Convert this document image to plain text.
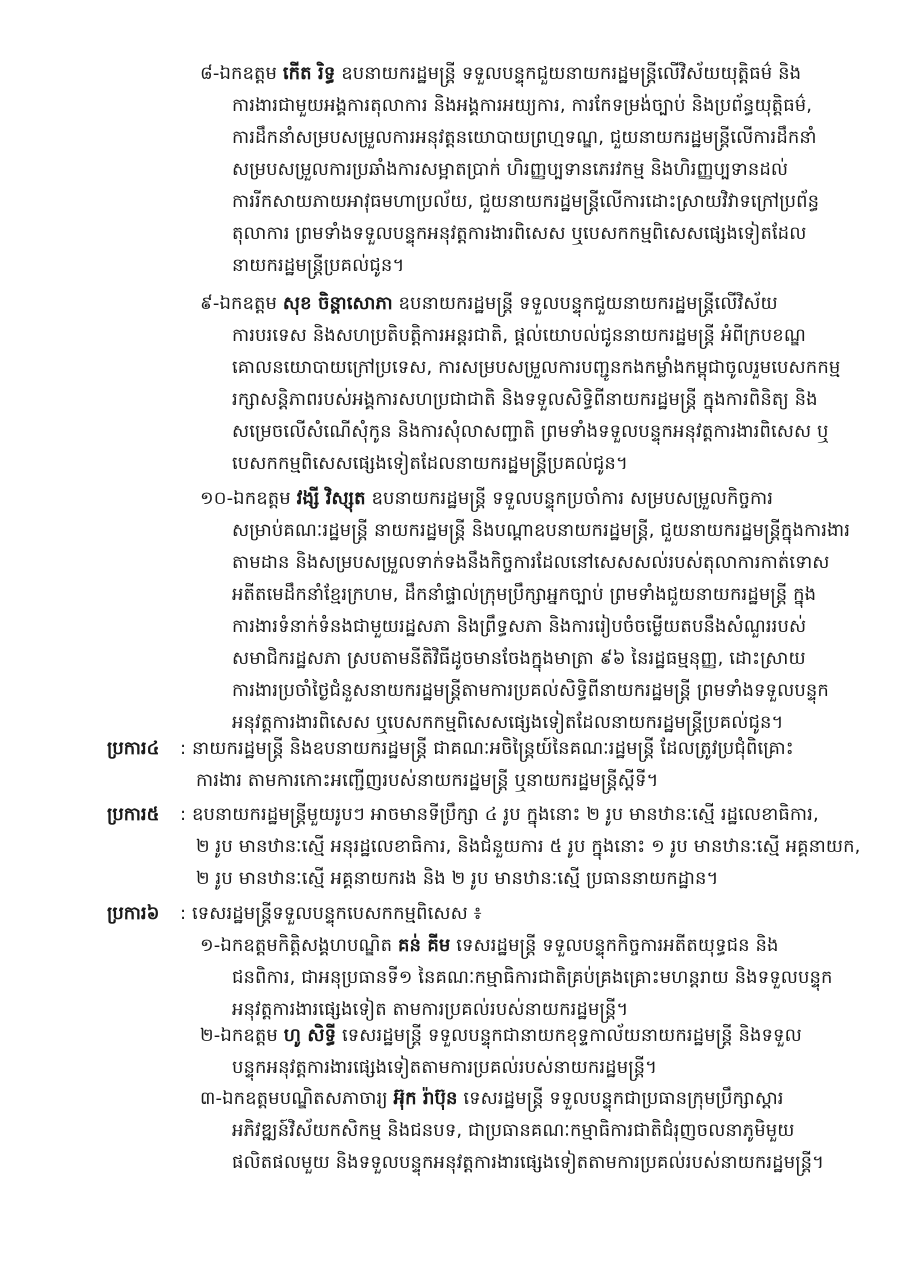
៨-ឯកឧត្តម កើត រិទ្ធ ឧបនាយករដ្ឋមន្ត្រី ទទួលបន្ទុកជួយនាយករដ្ឋមន្ត្រីលើវិស័យយុត្តិធម៌ និង
ការងារជាមួយអង្គការតុលាការ និងអង្គការអយ្យការ, ការកែទម្រង់ច្បាប់ និងប្រព័ន្ធយុត្តិធម៌,
ការដឹកនាំសម្របសម្រួលការអនុវត្តនយោបាយព្រហ្មទណ្ឌ, ជួយនាយករដ្ឋមន្ត្រីលើការដឹកនាំ
សម្របសម្រួលការប្រឆាំងការសម្អាតប្រាក់ ហិរញ្ញប្បទានភេរវកម្ម និងហិរញ្ញប្បទានដល់
ការរីកសាយភាយអាវុធមហាប្រល័យ, ជួយនាយករដ្ឋមន្ត្រីលើការដោះស្រាយវិវាទក្រៅប្រព័ន្ធ
តុលាការ ព្រមទាំងទទួលបន្ទុកអនុវត្តការងារពិសេស ឬបេសកកម្មពិសេសផ្សេងទៀតដែល
នាយករដ្ឋមន្ត្រីប្រគល់ជូន។
៩-ឯកឧត្តម សុខ ចិន្តាសោភា ឧបនាយករដ្ឋមន្ត្រី ទទួលបន្ទុកជួយនាយករដ្ឋមន្ត្រីលើវិស័យ
ការបរទេស និងសហប្រតិបត្តិការអន្តរជាតិ, ផ្តល់យោបល់ជូននាយករដ្ឋមន្ត្រី អំពីក្របខណ្ឌ
គោលនយោបាយក្រៅប្រទេស, ការសម្របសម្រួលការបញ្ជូនកងកម្លាំងកម្ពុជាចូលរួមបេសកកម្ម
រក្សាសន្តិភាពរបស់អង្គការសហប្រជាជាតិ និងទទួលសិទ្ធិពីនាយករដ្ឋមន្ត្រី ក្នុងការពិនិត្យ និង
សម្រេចលើសំណើសុំកូន និងការសុំលាសញ្ជាតិ ព្រមទាំងទទួលបន្ទុកអនុវត្តការងារពិសេស ឬ
បេសកកម្មពិសេសផ្សេងទៀតដែលនាយករដ្ឋមន្ត្រីប្រគល់ជូន។
១០-ឯកឧត្តម វង្សី វិស្សុត ឧបនាយករដ្ឋមន្ត្រី ទទួលបន្ទុកប្រចាំការ សម្របសម្រួលកិច្ចការ
សម្រាប់គណៈរដ្ឋមន្ត្រី នាយករដ្ឋមន្ត្រី និងបណ្តាឧបនាយករដ្ឋមន្ត្រី, ជួយនាយករដ្ឋមន្ត្រីក្នុងការងារ
តាមដាន និងសម្របសម្រួលទាក់ទងនឹងកិច្ចការដែលនៅសេសសល់របស់តុលាការកាត់ទោស
អតីតមេដឹកនាំខ្មែរក្រហម, ដឹកនាំផ្ទាល់ក្រុមប្រឹក្សាអ្នកច្បាប់ ព្រមទាំងជួយនាយករដ្ឋមន្ត្រី ក្នុង
ការងារទំនាក់ទំនងជាមួយរដ្ឋសភា និងព្រឹទ្ធសភា និងការរៀបចំចម្លើយតបនឹងសំណួររបស់
សមាជិករដ្ឋសភា ស្របតាមនីតិវិធីដូចមានចែងក្នុងមាត្រា ៩៦ នៃរដ្ឋធម្មនុញ្ញ, ដោះស្រាយ
ការងារប្រចាំថ្ងៃជំនួសនាយករដ្ឋមន្ត្រីតាមការប្រគល់សិទ្ធិពីនាយករដ្ឋមន្ត្រី ព្រមទាំងទទួលបន្ទុក
អនុវត្តការងារពិសេស ឬបេសកកម្មពិសេសផ្សេងទៀតដែលនាយករដ្ឋមន្ត្រីប្រគល់ជូន។
ប្រការ៤ : នាយករដ្ឋមន្ត្រី និងឧបនាយករដ្ឋមន្ត្រី ជាគណៈអចិន្ត្រៃយ៍នៃគណៈរដ្ឋមន្ត្រី ដែលត្រូវប្រជុំពិគ្រោះ
ការងារ តាមការកោះអញ្ជើញរបស់នាយករដ្ឋមន្ត្រី ឬនាយករដ្ឋមន្ត្រីស្តីទី។
ប្រការ៥ : ឧបនាយករដ្ឋមន្ត្រីមួយរូបៗ អាចមានទីប្រឹក្សា ៤ រូប ក្នុងនោះ ២ រូប មានឋានៈស្មើ រដ្ឋលេខាធិការ,
២ រូប មានឋានៈស្មើ អនុរដ្ឋលេខាធិការ, និងជំនួយការ ៥ រូប ក្នុងនោះ ១ រូប មានឋានៈស្មើ អគ្គនាយក,
២ រូប មានឋានៈស្មើ អគ្គនាយករង និង ២ រូប មានឋានៈស្មើ ប្រធាននាយកដ្ឋាន។
ប្រការ៦ : ទេសរដ្ឋមន្ត្រីទទួលបន្ទុកបេសកកម្មពិសេស ៖
១-ឯកឧត្តមកិត្តិសង្គហបណ្ឌិត គន់ គីម ទេសរដ្ឋមន្ត្រី ទទួលបន្ទុកកិច្ចការអតីតយុទ្ធជន និង
ជនពិការ, ជាអនុប្រធានទី១ នៃគណៈកម្មាធិការជាតិគ្រប់គ្រងគ្រោះមហន្តរាយ និងទទួលបន្ទុក
អនុវត្តការងារផ្សេងទៀត តាមការប្រគល់របស់នាយករដ្ឋមន្ត្រី។
២-ឯកឧត្តម ហូ សិទ្ធី ទេសរដ្ឋមន្ត្រី ទទួលបន្ទុកជានាយកខុទ្ទកាល័យនាយករដ្ឋមន្ត្រី និងទទួល
បន្ទុកអនុវត្តការងារផ្សេងទៀតតាមការប្រគល់របស់នាយករដ្ឋមន្ត្រី។
៣-ឯកឧត្តមបណ្ឌិតសភាចារ្យ អ៊ុក រ៉ាប៊ុន ទេសរដ្ឋមន្ត្រី ទទួលបន្ទុកជាប្រធានក្រុមប្រឹក្សាស្តារ
អភិវឌ្ឍន៍វិស័យកសិកម្ម និងជនបទ, ជាប្រធានគណៈកម្មាធិការជាតិជំរុញចលនាភូមិមួយ
ផលិតផលមួយ និងទទួលបន្ទុកអនុវត្តការងារផ្សេងទៀតតាមការប្រគល់របស់នាយករដ្ឋមន្ត្រី។
